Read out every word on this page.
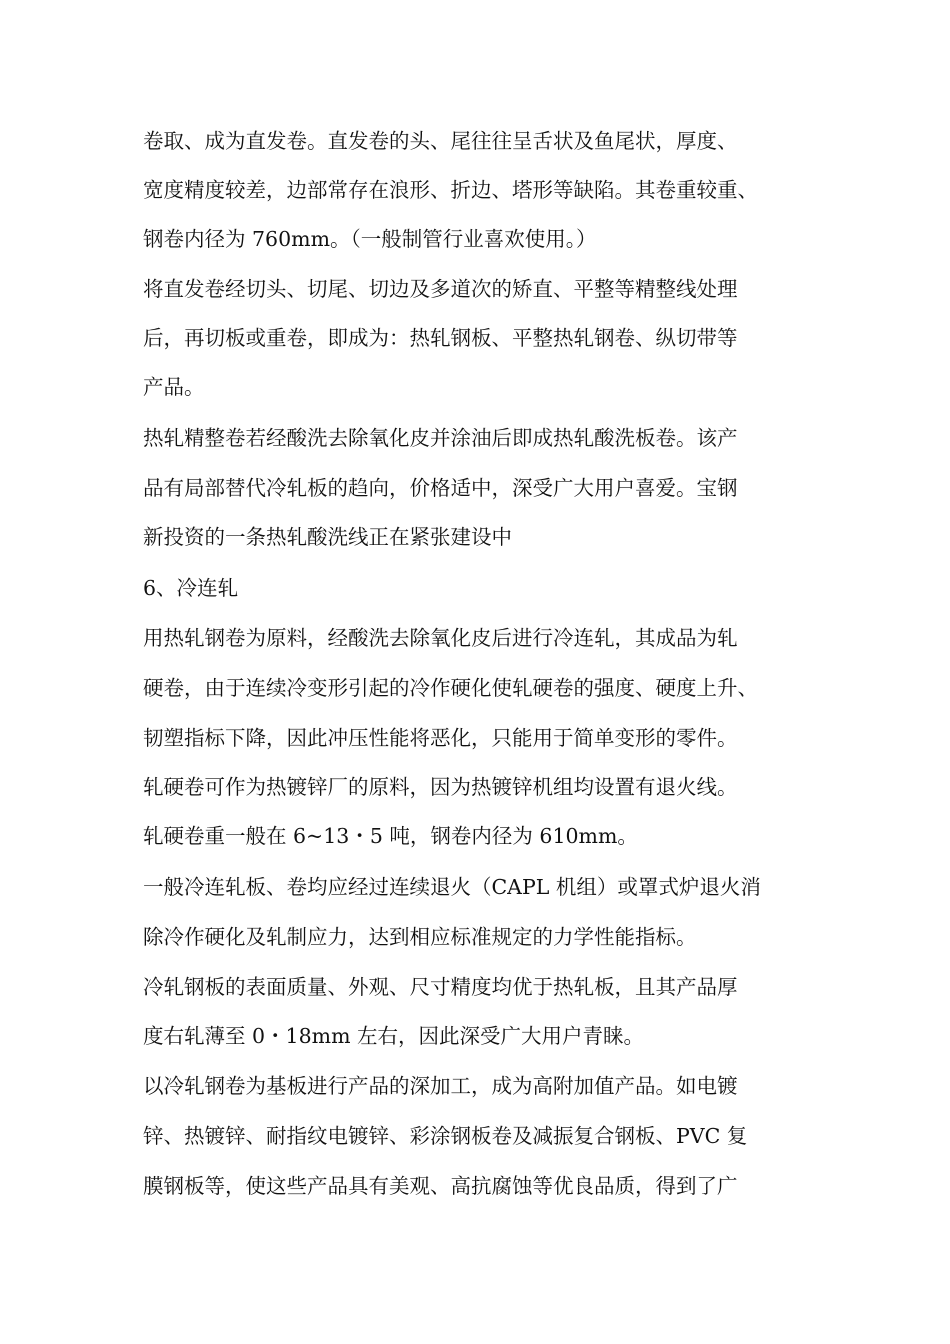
卷取、成为直发卷。直发卷的头、尾往往呈舌状及鱼尾状，厚度、
宽度精度较差，边部常存在浪形、折边、塔形等缺陷。其卷重较重、
钢卷内径为 760mm。（一般制管行业喜欢使用。）
将直发卷经切头、切尾、切边及多道次的矫直、平整等精整线处理
后，再切板或重卷，即成为：热轧钢板、平整热轧钢卷、纵切带等
产品。
热轧精整卷若经酸洗去除氧化皮并涂油后即成热轧酸洗板卷。该产
品有局部替代冷轧板的趋向，价格适中，深受广大用户喜爱。宝钢
新投资的一条热轧酸洗线正在紧张建设中
6、冷连轧
用热轧钢卷为原料，经酸洗去除氧化皮后进行冷连轧，其成品为轧
硬卷，由于连续冷变形引起的冷作硬化使轧硬卷的强度、硬度上升、
韧塑指标下降，因此冲压性能将恶化，只能用于简单变形的零件。
轧硬卷可作为热镀锌厂的原料，因为热镀锌机组均设置有退火线。
轧硬卷重一般在 6~13・5 吨，钢卷内径为 610mm。
一般冷连轧板、卷均应经过连续退火（CAPL 机组）或罩式炉退火消
除冷作硬化及轧制应力，达到相应标准规定的力学性能指标。
冷轧钢板的表面质量、外观、尺寸精度均优于热轧板，且其产品厚
度右轧薄至 0・18mm 左右，因此深受广大用户青睐。
以冷轧钢卷为基板进行产品的深加工，成为高附加值产品。如电镀
锌、热镀锌、耐指纹电镀锌、彩涂钢板卷及减振复合钢板、PVC 复
膜钢板等，使这些产品具有美观、高抗腐蚀等优良品质，得到了广
